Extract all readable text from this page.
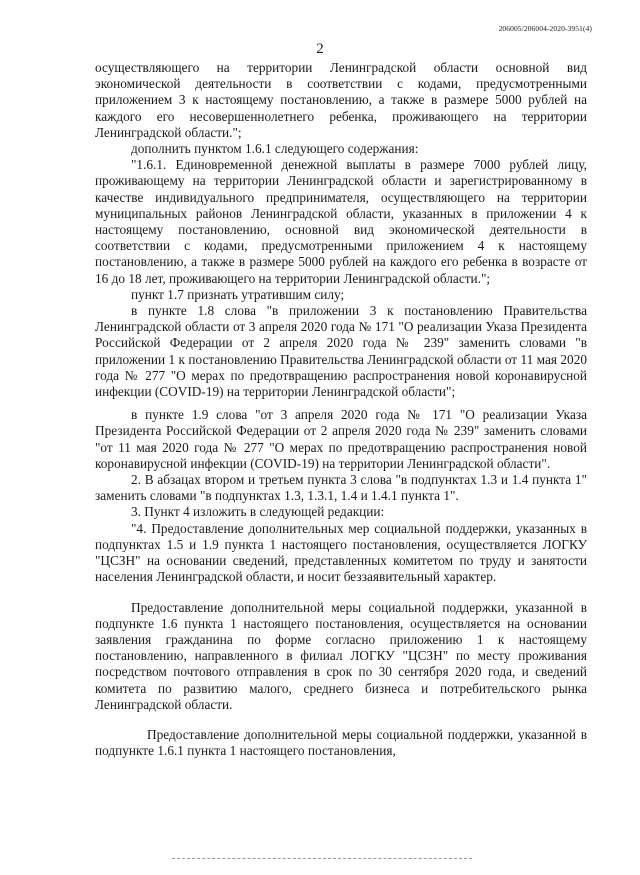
206005/206004-2020-3951(4)
2

осуществляющего на территории Ленинградской области основной вид экономической деятельности в соответствии с кодами, предусмотренными приложением 3 к настоящему постановлению, а также в размере 5000 рублей на каждого его несовершеннолетнего ребенка, проживающего на территории Ленинградской области.";

дополнить пунктом 1.6.1 следующего содержания:

"1.6.1. Единовременной денежной выплаты в размере 7000 рублей лицу, проживающему на территории Ленинградской области и зарегистрированному в качестве индивидуального предпринимателя, осуществляющего на территории муниципальных районов Ленинградской области, указанных в приложении 4 к настоящему постановлению, основной вид экономической деятельности в соответствии с кодами, предусмотренными приложением 4 к настоящему постановлению, а также в размере 5000 рублей на каждого его ребенка в возрасте от 16 до 18 лет, проживающего на территории Ленинградской области.";

пункт 1.7 признать утратившим силу;

в пункте 1.8 слова "в приложении 3 к постановлению Правительства Ленинградской области от 3 апреля 2020 года № 171 "О реализации Указа Президента Российской Федерации от 2 апреля 2020 года № 239" заменить словами "в приложении 1 к постановлению Правительства Ленинградской области от 11 мая 2020 года № 277 "О мерах по предотвращению распространения новой коронавирусной инфекции (COVID-19) на территории Ленинградской области";

в пункте 1.9 слова "от 3 апреля 2020 года № 171 "О реализации Указа Президента Российской Федерации от 2 апреля 2020 года № 239" заменить словами "от 11 мая 2020 года № 277 "О мерах по предотвращению распространения новой коронавирусной инфекции (COVID-19) на территории Ленинградской области".

2. В абзацах втором и третьем пункта 3 слова "в подпунктах 1.3 и 1.4 пункта 1" заменить словами "в подпунктах 1.3, 1.3.1, 1.4 и 1.4.1 пункта 1".

3. Пункт 4 изложить в следующей редакции:

"4. Предоставление дополнительных мер социальной поддержки, указанных в подпунктах 1.5 и 1.9 пункта 1 настоящего постановления, осуществляется ЛОГКУ "ЦСЗН" на основании сведений, представленных комитетом по труду и занятости населения Ленинградской области, и носит беззаявительный характер.

Предоставление дополнительной меры социальной поддержки, указанной в подпункте 1.6 пункта 1 настоящего постановления, осуществляется на основании заявления гражданина по форме согласно приложению 1 к настоящему постановлению, направленного в филиал ЛОГКУ "ЦСЗН" по месту проживания посредством почтового отправления в срок по 30 сентября 2020 года, и сведений комитета по развитию малого, среднего бизнеса и потребительского рынка Ленинградской области.

Предоставление дополнительной меры социальной поддержки, указанной в подпункте 1.6.1 пункта 1 настоящего постановления,
